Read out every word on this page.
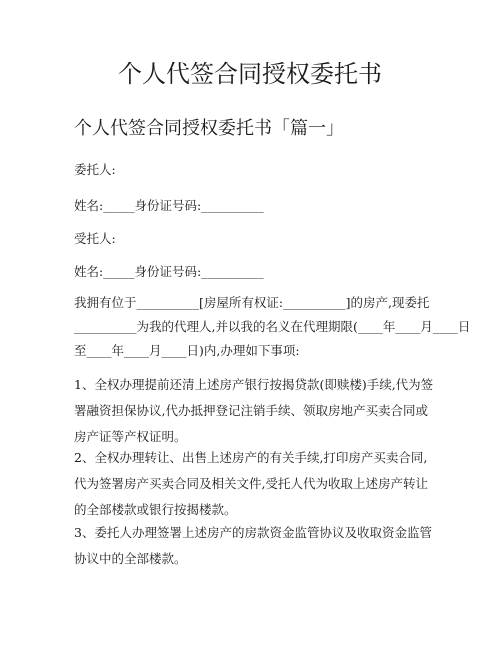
个人代签合同授权委托书
个人代签合同授权委托书「篇一」

委托人:

姓名:_____身份证号码:__________

受托人:

姓名:_____身份证号码:__________

我拥有位于__________[房屋所有权证:__________]的房产,现委托

__________为我的代理人,并以我的名义在代理期限(____年____月____日

至____年____月____日)内,办理如下事项:

1、全权办理提前还清上述房产银行按揭贷款(即赎楼)手续,代为签署融资担保协议,代办抵押登记注销手续、领取房地产买卖合同或房产证等产权证明。

2、全权办理转让、出售上述房产的有关手续,打印房产买卖合同,代为签署房产买卖合同及相关文件,受托人代为收取上述房产转让的全部楼款或银行按揭楼款。

3、委托人办理签署上述房产的房款资金监管协议及收取资金监管协议中的全部楼款。
